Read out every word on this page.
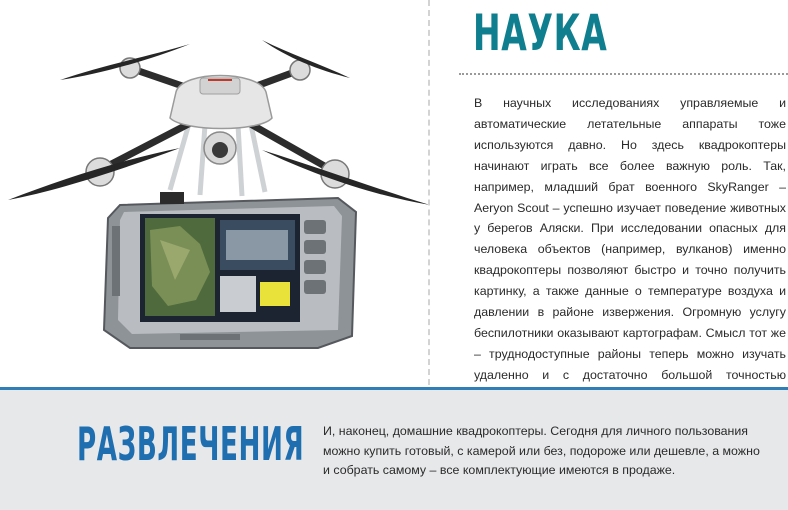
НАУКА

В научных исследованиях управляемые и автоматические летательные аппараты тоже используются давно. Но здесь квадрокоптеры начинают играть все более важную роль. Так, например, младший брат военного SkyRanger – Aeryon Scout – успешно изучает поведение животных у берегов Аляски. При исследовании опасных для человека объектов (например, вулканов) именно квадрокоптеры позволяют быстро и точно получить картинку, а также данные о температуре воздуха и давлении в районе извержения. Огромную услугу беспилотники оказывают картографам. Смысл тот же – труднодоступные районы теперь можно изучать удаленно и с достаточно большой точностью

РАЗВЛЕЧЕНИЯ И, наконец, домашние квадрокоптеры. Сегодня для личного пользования можно купить готовый, с камерой или без, подороже или дешевле, а можно и собрать самому – все комплектующие имеются в продаже.
